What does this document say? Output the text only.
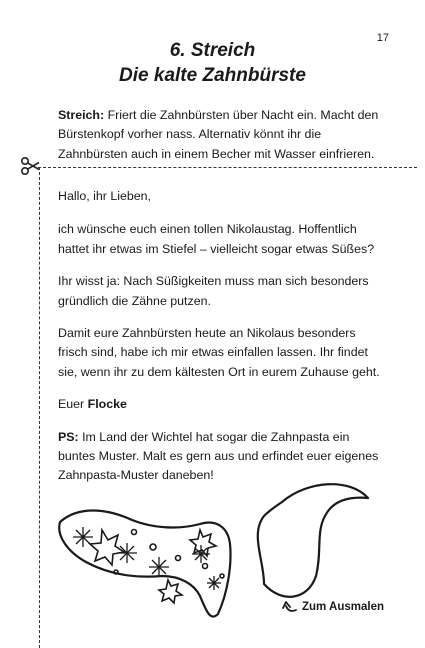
17
6. Streich
Die kalte Zahnbürste
Streich: Friert die Zahnbürsten über Nacht ein. Macht den Bürstenkopf vorher nass. Alternativ könnt ihr die Zahnbürsten auch in einem Becher mit Wasser einfrieren.

Hallo, ihr Lieben,

ich wünsche euch einen tollen Nikolaustag. Hoffentlich hattet ihr etwas im Stiefel – vielleicht sogar etwas Süßes?

Ihr wisst ja: Nach Süßigkeiten muss man sich besonders gründlich die Zähne putzen.

Damit eure Zahnbürsten heute an Nikolaus besonders frisch sind, habe ich mir etwas einfallen lassen. Ihr findet sie, wenn ihr zu dem kältesten Ort in eurem Zuhause geht.

Euer Flocke

PS: Im Land der Wichtel hat sogar die Zahnpasta ein buntes Muster. Malt es gern aus und erfindet euer eigenes Zahnpasta-Muster daneben!

Zum Ausmalen
